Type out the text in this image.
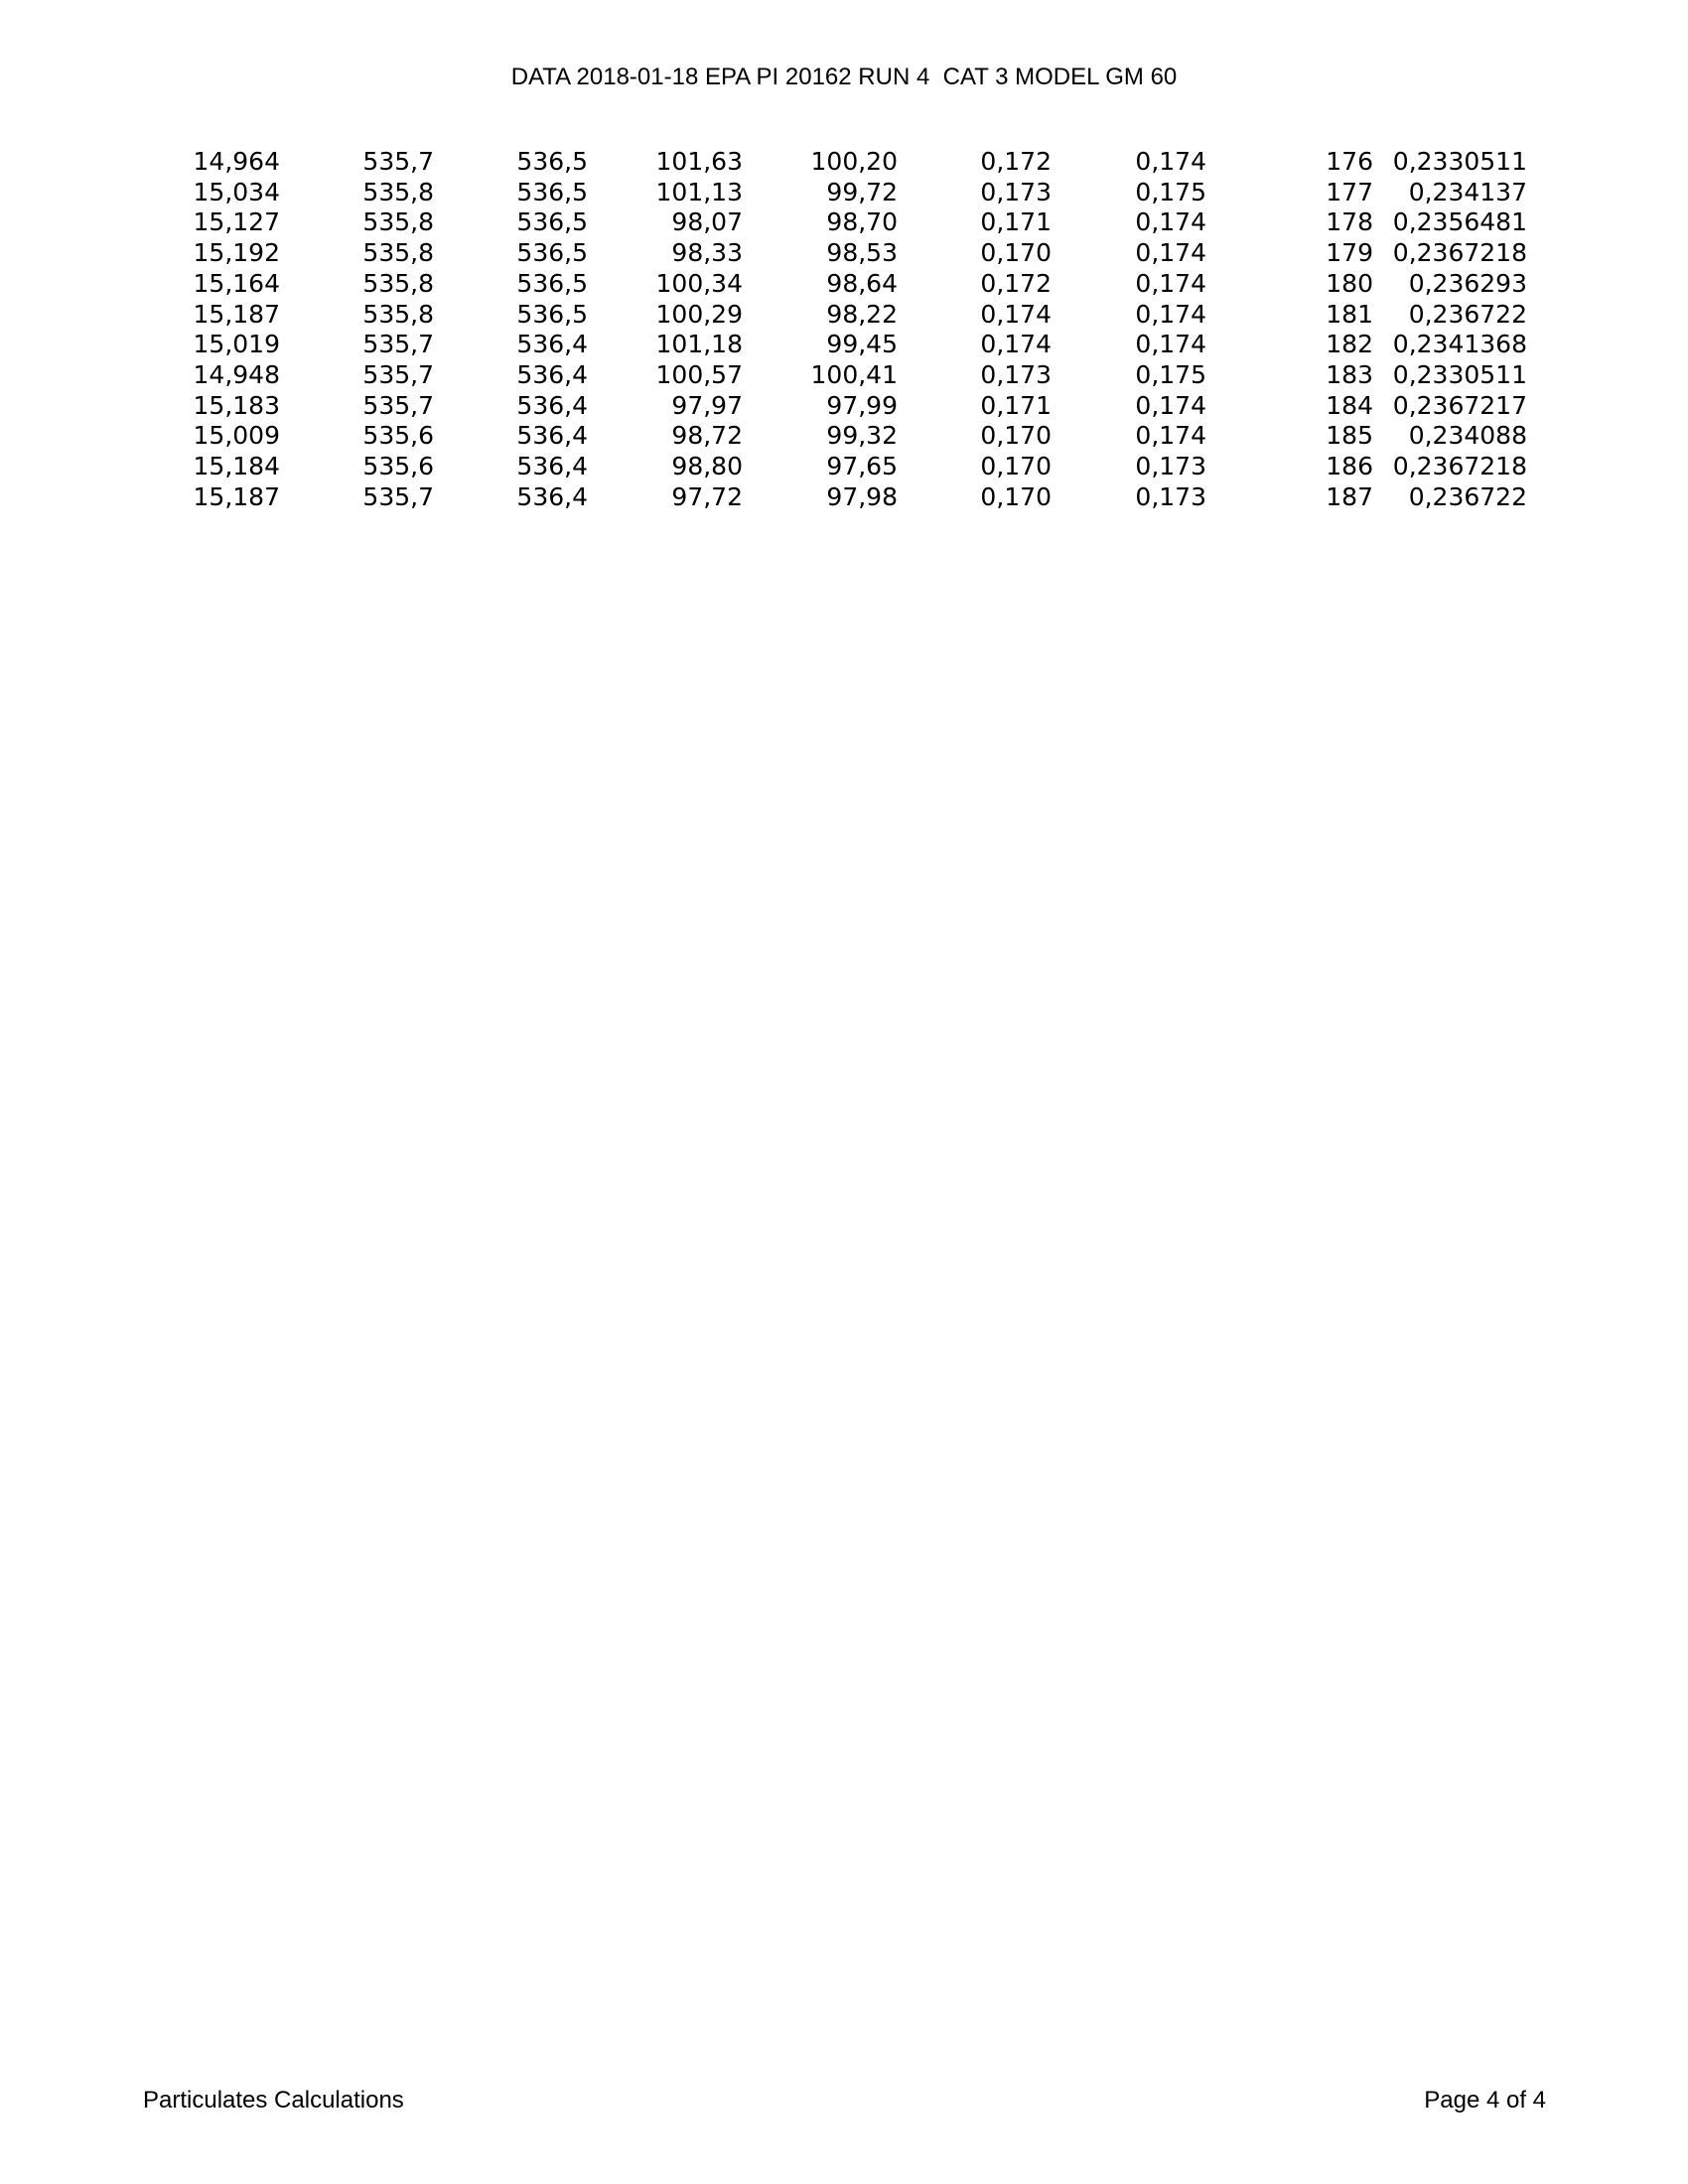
DATA 2018-01-18 EPA PI 20162 RUN 4  CAT 3 MODEL GM 60
14,964	535,7	536,5	101,63	100,20	0,172	0,174	176	0,2330511
15,034	535,8	536,5	101,13	99,72	0,173	0,175	177	0,234137
15,127	535,8	536,5	98,07	98,70	0,171	0,174	178	0,2356481
15,192	535,8	536,5	98,33	98,53	0,170	0,174	179	0,2367218
15,164	535,8	536,5	100,34	98,64	0,172	0,174	180	0,236293
15,187	535,8	536,5	100,29	98,22	0,174	0,174	181	0,236722
15,019	535,7	536,4	101,18	99,45	0,174	0,174	182	0,2341368
14,948	535,7	536,4	100,57	100,41	0,173	0,175	183	0,2330511
15,183	535,7	536,4	97,97	97,99	0,171	0,174	184	0,2367217
15,009	535,6	536,4	98,72	99,32	0,170	0,174	185	0,234088
15,184	535,6	536,4	98,80	97,65	0,170	0,173	186	0,2367218
15,187	535,7	536,4	97,72	97,98	0,170	0,173	187	0,236722
Particulates Calculations	Page 4 of 4
